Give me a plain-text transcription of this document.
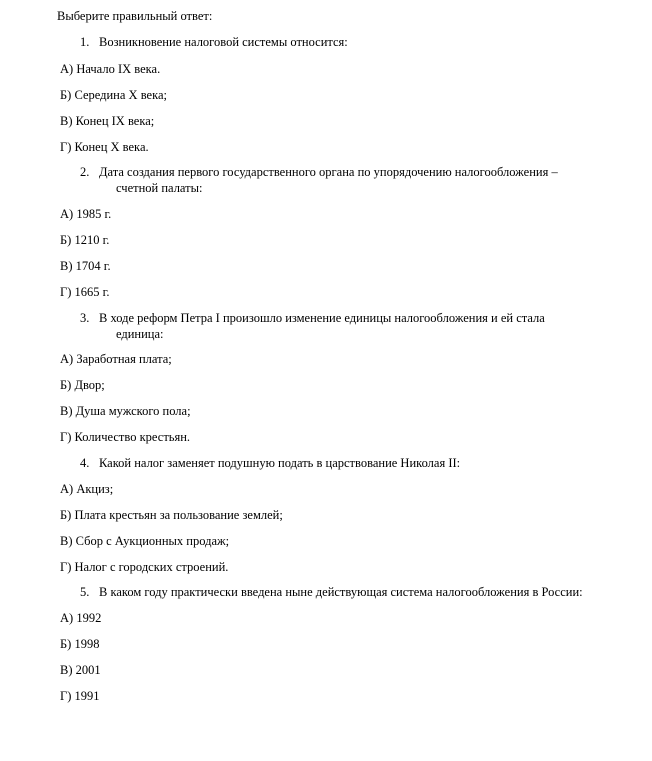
Выберите правильный ответ:
1. Возникновение налоговой системы относится:
А) Начало IX века.
Б) Середина X века;
В) Конец IX века;
Г) Конец X века.
2. Дата создания первого государственного органа по упорядочению налогообложения –
счетной палаты:
А) 1985 г.
Б) 1210 г.
В) 1704 г.
Г) 1665 г.
3. В ходе реформ Петра I произошло изменение единицы налогообложения и ей стала
единица:
А) Заработная плата;
Б) Двор;
В) Душа мужского пола;
Г) Количество крестьян.
4. Какой налог заменяет подушную подать в царствование Николая II:
А) Акциз;
Б) Плата крестьян за пользование землей;
В) Сбор с Аукционных продаж;
Г) Налог с городских строений.
5. В каком году практически введена ныне действующая система налогообложения в России:
А) 1992
Б) 1998
В) 2001
Г) 1991
